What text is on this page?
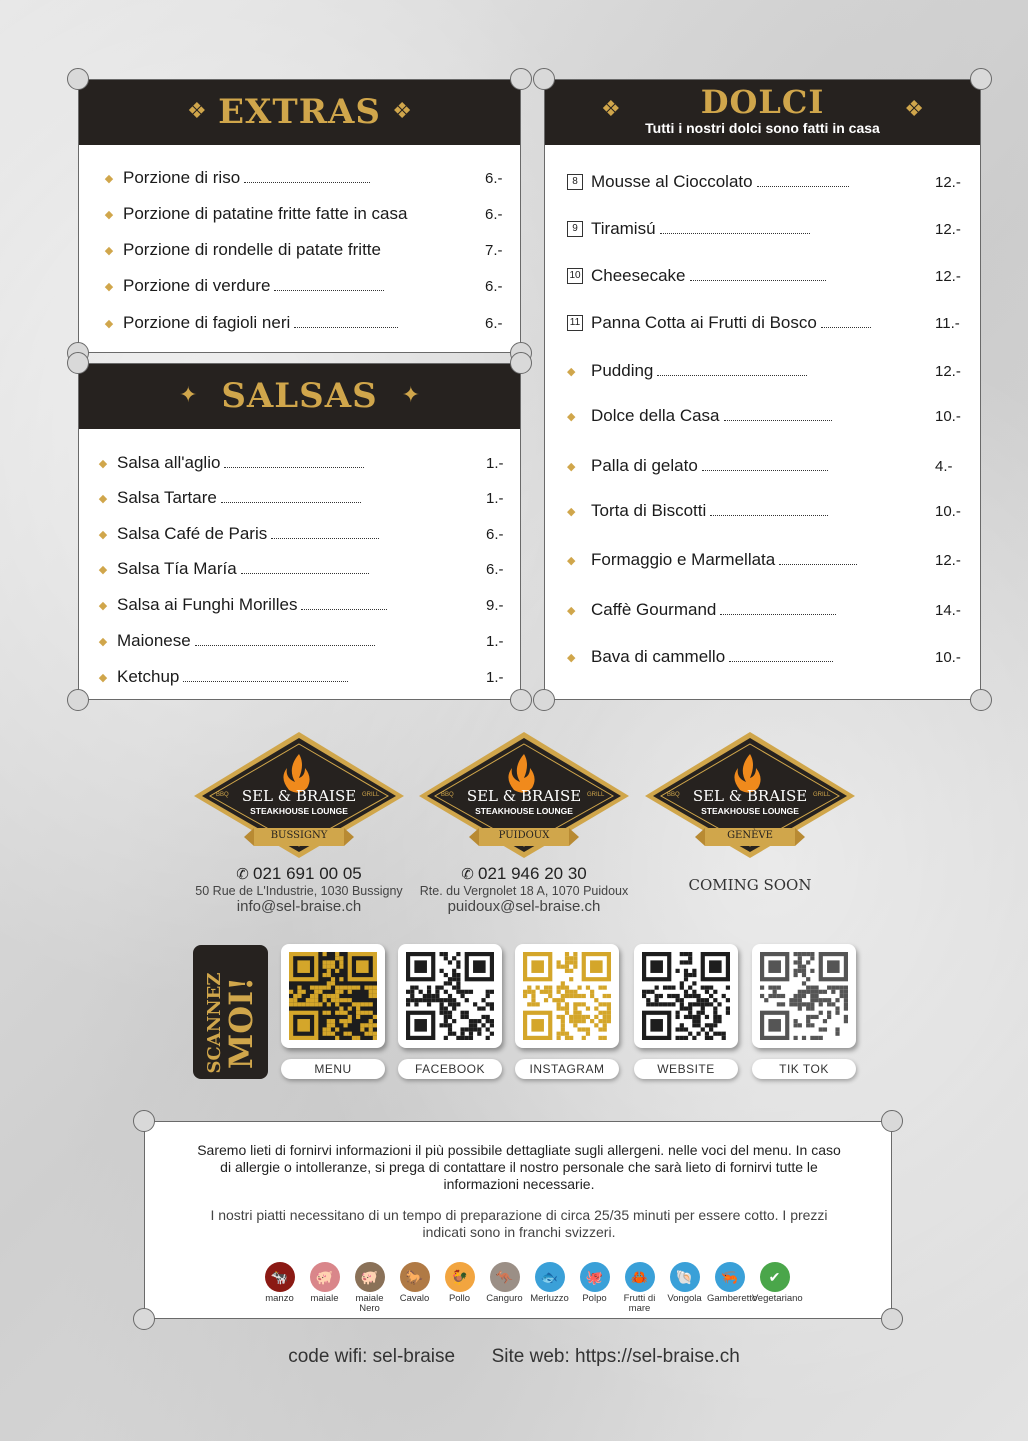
❖ EXTRAS ❖
◆ Porzione di riso	6.-
◆ Porzione di patatine fritte fatte in casa	6.-
◆ Porzione di rondelle di patate fritte	7.-
◆ Porzione di verdure	6.-
◆ Porzione di fagioli neri	6.-
✦ SALSAS	✦
◆ Salsa all'aglio	1.-
◆ Salsa Tartare	1.-
◆ Salsa Café de Paris	6.-
◆ Salsa Tía María	6.-
◆ Salsa ai Funghi Morilles	9.-
◆ Maionese	1.-
◆ Ketchup	1.-
❖	DOLCI
Tutti i nostri dolci sono fatti in casa
❖
8 Mousse al Cioccolato	12.-
9 Tiramisú	12.-
10 Cheesecake	12.-
11 Panna Cotta ai Frutti di Bosco	11.-
◆ Pudding	12.-
◆ Dolce della Casa	10.-
◆ Palla di gelato	4.-
◆ Torta di Biscotti	10.-
◆ Formaggio e Marmellata	12.-
◆ Caffè Gourmand	14.-
◆ Bava di cammello	10.-
SEL & BRAISE
STEAKHOUSE LOUNGE
BBQ	GRILL
BUSSIGNY
✆ 021 691 00 05
50 Rue de L'Industrie, 1030 Bussigny
info@sel-braise.ch
SEL & BRAISE
STEAKHOUSE LOUNGE
BBQ	GRILL
PUIDOUX
✆ 021 946 20 30
Rte. du Vergnolet 18 A, 1070 Puidoux
puidoux@sel-braise.ch
SEL & BRAISE
STEAKHOUSE LOUNGE
BBQ	GRILL
GENÈVE
COMING SOON
SCANNEZ
MOI!	MENU	FACEBOOK	INSTAGRAM	WEBSITE	TIK TOK

Saremo lieti di fornirvi informazioni il più possibile dettagliate sugli allergeni. nelle voci del menu. In caso di allergie o intolleranze, si prega di contattare il nostro personale che sarà lieto di fornirvi tutte le informazioni necessarie.

I nostri piatti necessitano di un tempo di preparazione di circa 25/35 minuti per essere cotto. I prezzi indicati sono in franchi svizzeri.

🐄
manzo
🐖
maiale
🐖
maiale Nero
🐎
Cavalo
🐓
Pollo
🦘
Canguro
🐟
Merluzzo
🐙
Polpo
🦀
Frutti di mare
🐚
Vongola
🦐
Gamberetto
✔
Vegetariano
code wifi: sel-braise Site web: https://sel-braise.ch
